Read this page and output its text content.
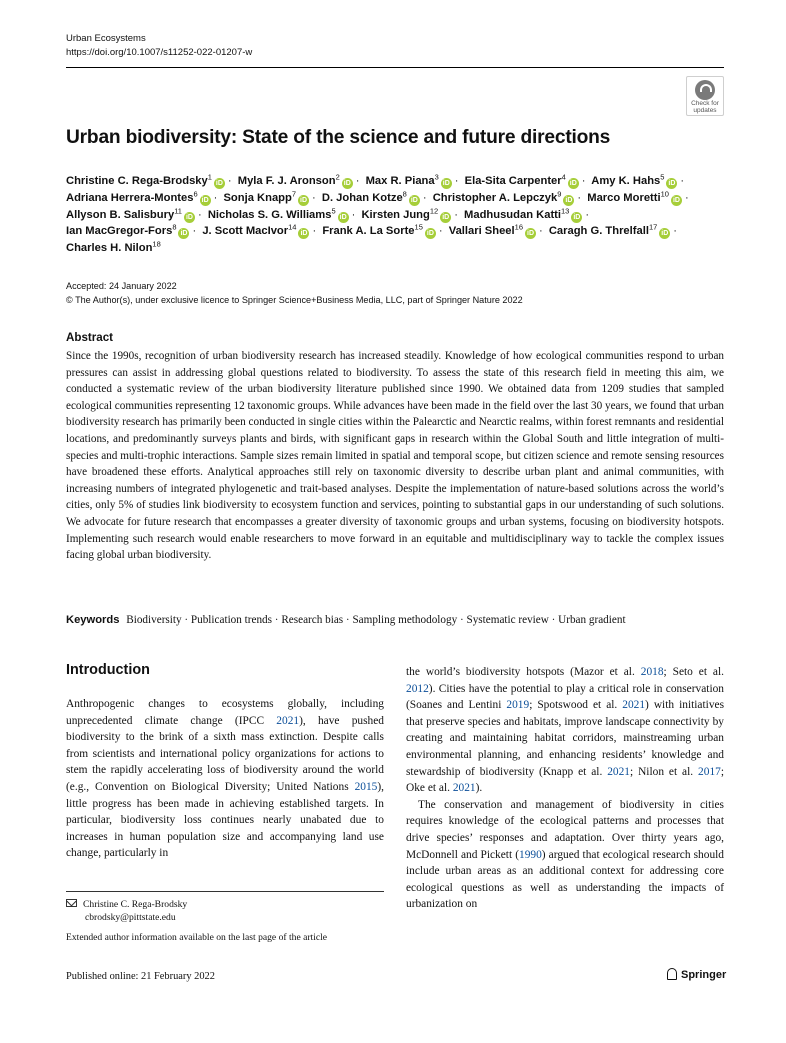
Urban Ecosystems
https://doi.org/10.1007/s11252-022-01207-w
Check for
updates
Urban biodiversity: State of the science and future directions
Christine C. Rega-Brodsky$^1$iD · Myla F. J. Aronson$^2$iD · Max R. Piana$^3$iD · Ela-Sita Carpenter$^4$iD · Amy K. Hahs$^5$iD · Adriana Herrera-Montes$^6$iD · Sonja Knapp$^7$iD · D. Johan Kotze$^8$iD · Christopher A. Lepczyk$^9$iD · Marco Moretti$^{10}$iD · Allyson B. Salisbury$^{11}$iD · Nicholas S. G. Williams$^5$iD · Kirsten Jung$^{12}$iD · Madhusudan Katti$^{13}$iD · Ian MacGregor-Fors$^8$iD · J. Scott MacIvor$^{14}$iD · Frank A. La Sorte$^{15}$iD · Vallari Sheel$^{16}$iD · Caragh G. Threlfall$^{17}$iD · Charles H. Nilon$^{18}$
Accepted: 24 January 2022
© The Author(s), under exclusive licence to Springer Science+Business Media, LLC, part of Springer Nature 2022
Abstract
Since the 1990s, recognition of urban biodiversity research has increased steadily. Knowledge of how ecological communities respond to urban pressures can assist in addressing global questions related to biodiversity. To assess the state of this research field in meeting this aim, we conducted a systematic review of the urban biodiversity literature published since 1990. We obtained data from 1209 studies that sampled ecological communities representing 12 taxonomic groups. While advances have been made in the field over the last 30 years, we found that urban biodiversity research has primarily been conducted in single cities within the Palearctic and Nearctic realms, within forest remnants and residential locations, and predominantly surveys plants and birds, with significant gaps in research within the Global South and little integration of multi-species and multi-trophic interactions. Sample sizes remain limited in spatial and temporal scope, but citizen science and remote sensing resources have broadened these efforts. Analytical approaches still rely on taxonomic diversity to describe urban plant and animal communities, with increasing numbers of integrated phylogenetic and trait-based analyses. Despite the implementation of nature-based solutions across the world’s cities, only 5% of studies link biodiversity to ecosystem function and services, pointing to substantial gaps in our understanding of such solutions. We advocate for future research that encompasses a greater diversity of taxonomic groups and urban systems, focusing on biodiversity hotspots. Implementing such research would enable researchers to move forward in an equitable and multidisciplinary way to tackle the complex issues facing global urban biodiversity.
Keywords Biodiversity · Publication trends · Research bias · Sampling methodology · Systematic review · Urban gradient
Introduction

Anthropogenic changes to ecosystems globally, including unprecedented climate change (IPCC 2021), have pushed biodiversity to the brink of a sixth mass extinction. Despite calls from scientists and international policy organizations for actions to stem the rapidly accelerating loss of biodiversity around the world (e.g., Convention on Biological Diversity; United Nations 2015), little progress has been made in achieving established targets. In particular, biodiversity loss continues nearly unabated due to increases in human population size and accompanying land use change, particularly in

the world’s biodiversity hotspots (Mazor et al. 2018; Seto et al. 2012). Cities have the potential to play a critical role in conservation (Soanes and Lentini 2019; Spotswood et al. 2021) with initiatives that preserve species and habitats, improve landscape connectivity by creating and maintaining habitat corridors, mainstreaming urban environmental planning, and enhancing residents’ knowledge and stewardship of biodiversity (Knapp et al. 2021; Nilon et al. 2017; Oke et al. 2021).

The conservation and management of biodiversity in cities requires knowledge of the ecological patterns and processes that drive species’ responses and adaptation. Over thirty years ago, McDonnell and Pickett (1990) argued that ecological research should include urban areas as an additional context for addressing core ecological questions as well as understanding the impacts of urbanization on

Christine C. Rega-Brodsky
cbrodsky@pittstate.edu
Extended author information available on the last page of the article
Published online: 21 February 2022	Springer
